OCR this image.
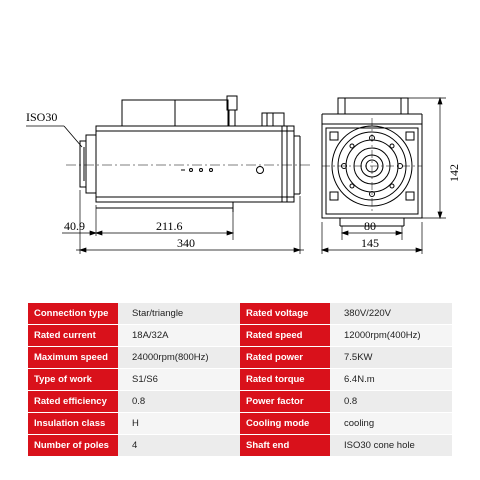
ISO30
40.9	211.6
340
142
80
145
Connection type	Star/triangle	Rated voltage	380V/220V
Rated current	18A/32A	Rated speed	12000rpm(400Hz)
Maximum speed	24000rpm(800Hz)	Rated power	7.5KW
Type of work	S1/S6	Rated torque	6.4N.m
Rated efficiency	0.8	Power factor	0.8
Insulation class	H	Cooling mode	cooling
Number of poles	4	Shaft end	ISO30 cone hole
